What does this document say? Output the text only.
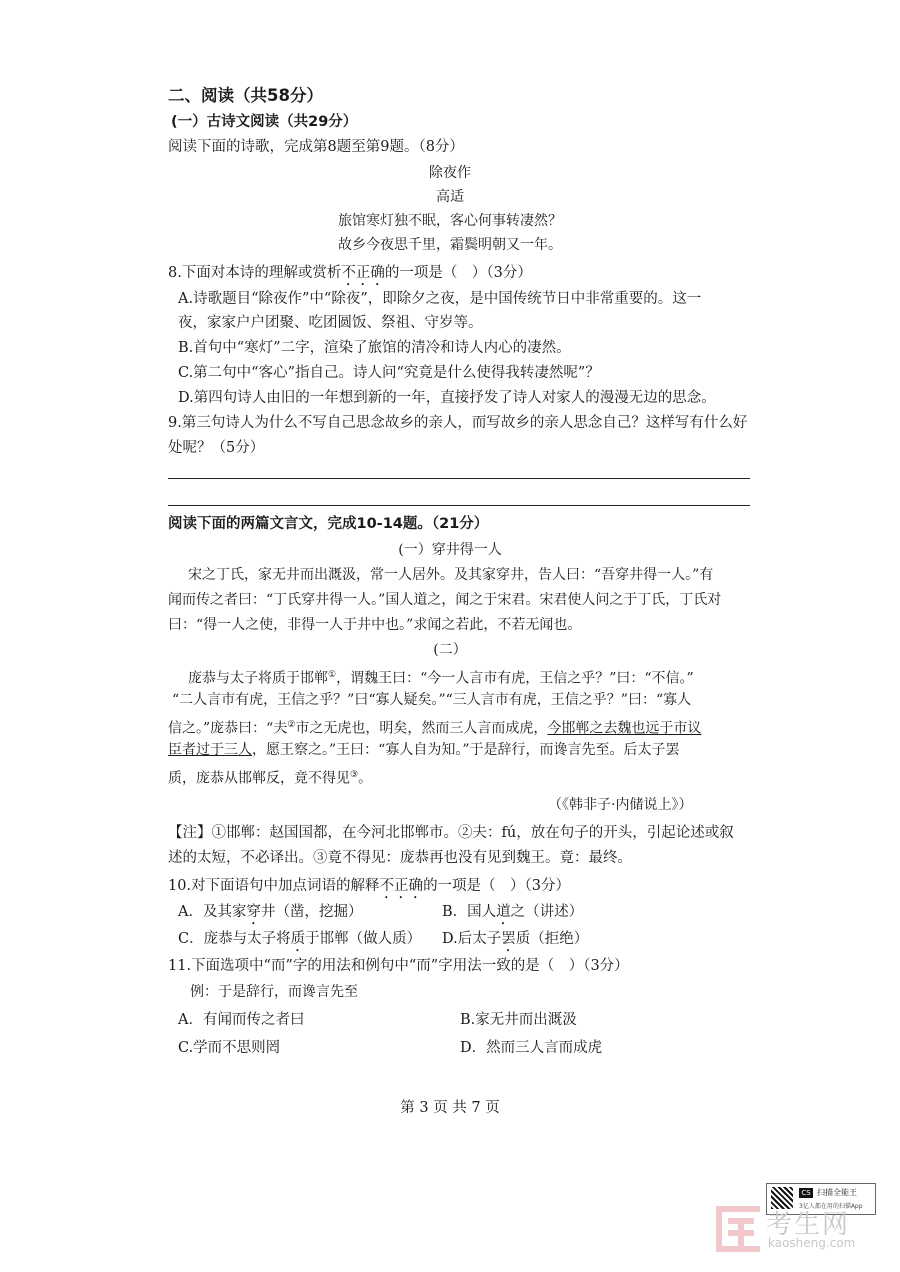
二、阅读（共58分）
(一）古诗文阅读（共29分）
阅读下面的诗歌，完成第8题至第9题。（8分）
除夜作
高适
旅馆寒灯独不眠，客心何事转凄然？
故乡今夜思千里，霜鬓明朝又一年。
8.下面对本诗的理解或赏析不正确的一项是（　）（3分）
A.诗歌题目“除夜作”中“除夜”，即除夕之夜，是中国传统节日中非常重要的。这一
夜，家家户户团聚、吃团圆饭、祭祖、守岁等。
B.首句中“寒灯”二字，渲染了旅馆的清冷和诗人内心的凄然。
C.第二句中“客心”指自己。诗人问“究竟是什么使得我转凄然呢”？
D.第四句诗人由旧的一年想到新的一年，直接抒发了诗人对家人的漫漫无边的思念。
9.第三句诗人为什么不写自己思念故乡的亲人，而写故乡的亲人思念自己？这样写有什么好
处呢？（5分）
阅读下面的两篇文言文，完成10-14题。（21分）
(一）穿井得一人
宋之丁氏，家无井而出溉汲，常一人居外。及其家穿井，告人曰：“吾穿井得一人。”有
闻而传之者曰：“丁氏穿井得一人。”国人道之，闻之于宋君。宋君使人问之于丁氏，丁氏对
曰：“得一人之使，非得一人于井中也。”求闻之若此，不若无闻也。
(二）
庞恭与太子将质于邯郸①，谓魏王曰：“今一人言市有虎，王信之乎？”曰：“不信。”
“二人言市有虎，王信之乎？”曰“寡人疑矣。”“三人言市有虎，王信之乎？”曰：“寡人
信之。”庞恭曰：“夫②市之无虎也，明矣，然而三人言而成虎，今邯郸之去魏也远于市议
臣者过于三人，愿王察之。”王曰：“寡人自为知。”于是辞行，而谗言先至。后太子罢
质，庞恭从邯郸反，竟不得见③。
（《韩非子·内储说上》）
【注】①邯郸：赵国国都，在今河北邯郸市。②夫：fú，放在句子的开头，引起论述或叙
述的太短，不必译出。③竟不得见：庞恭再也没有见到魏王。竟：最终。
10.对下面语句中加点词语的解释不正确的一项是（　）（3分）
A．及其家穿井（凿，挖掘）	B．国人道之（讲述）
C．庞恭与太子将质于邯郸（做人质） D.后太子罢质（拒绝）
11.下面选项中“而”字的用法和例句中“而”字用法一致的是（　）（3分）
例：于是辞行，而谗言先至
A．有闻而传之者曰	B.家无井而出溉汲
C.学而不思则罔	D．然而三人言而成虎
第 3 页 共 7 页
CS 扫描全能王
3亿人都在用的扫描App
考生网
kaosheng.com
